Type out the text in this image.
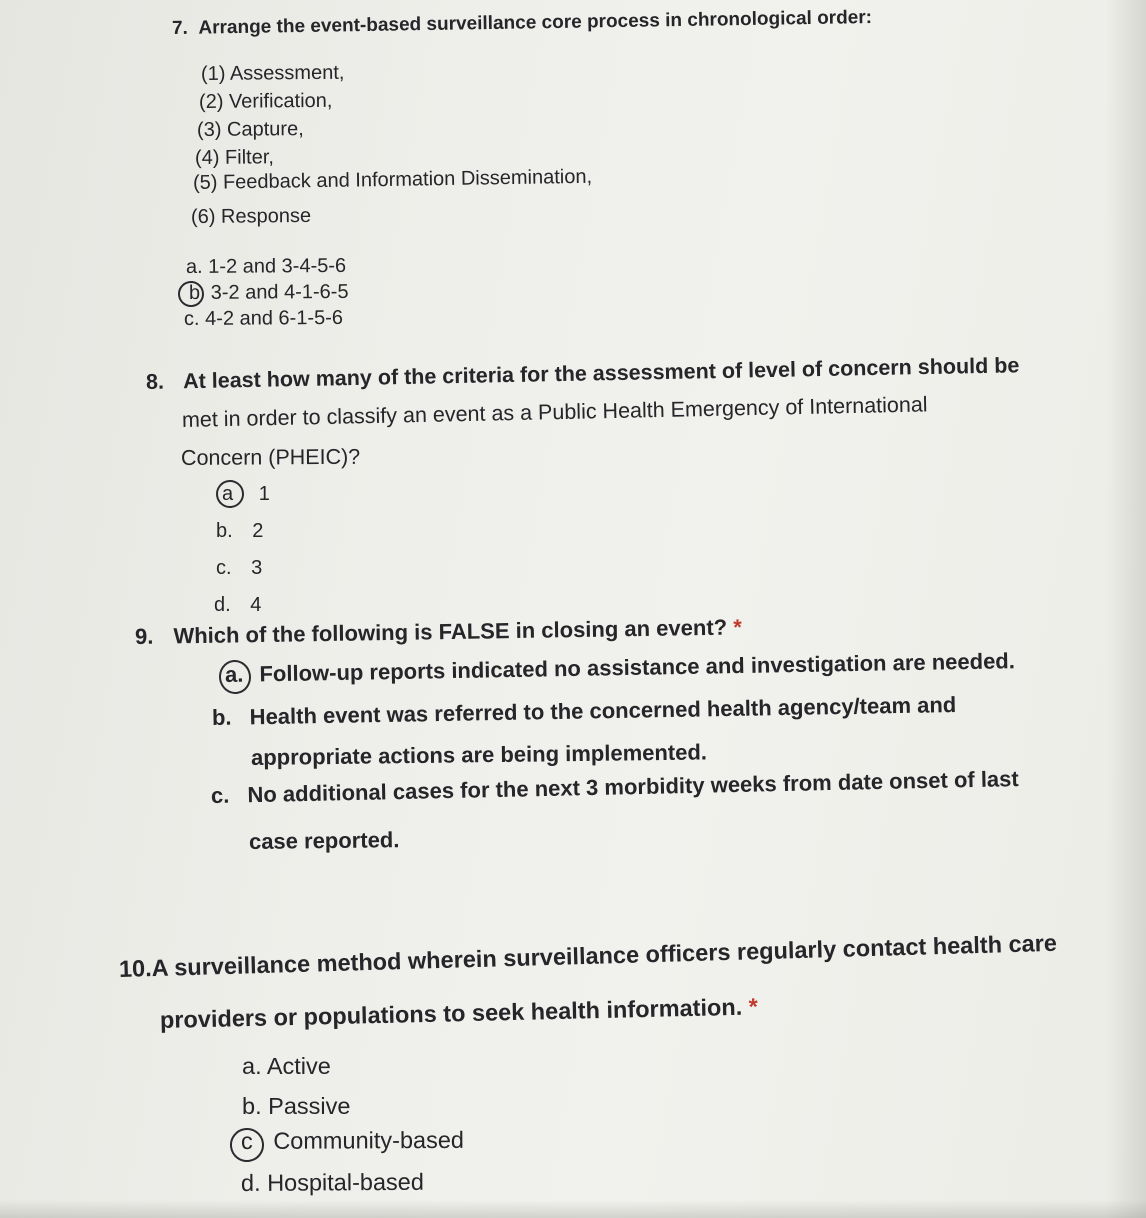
7. Arrange the event-based surveillance core process in chronological order:
(1) Assessment,
(2) Verification,
(3) Capture,
(4) Filter,
(5) Feedback and Information Dissemination,
(6) Response
a. 1-2 and 3-4-5-6
b 3-2 and 4-1-6-5
c. 4-2 and 6-1-5-6
8. At least how many of the criteria for the assessment of level of concern should be
met in order to classify an event as a Public Health Emergency of International
Concern (PHEIC)?
a 1
b. 2
c. 3
d. 4
9. Which of the following is FALSE in closing an event? *
a. Follow-up reports indicated no assistance and investigation are needed.
b. Health event was referred to the concerned health agency/team and
appropriate actions are being implemented.
c. No additional cases for the next 3 morbidity weeks from date onset of last
case reported.
10.A surveillance method wherein surveillance officers regularly contact health care
providers or populations to seek health information. *
a. Active
b. Passive
c Community-based
d. Hospital-based
